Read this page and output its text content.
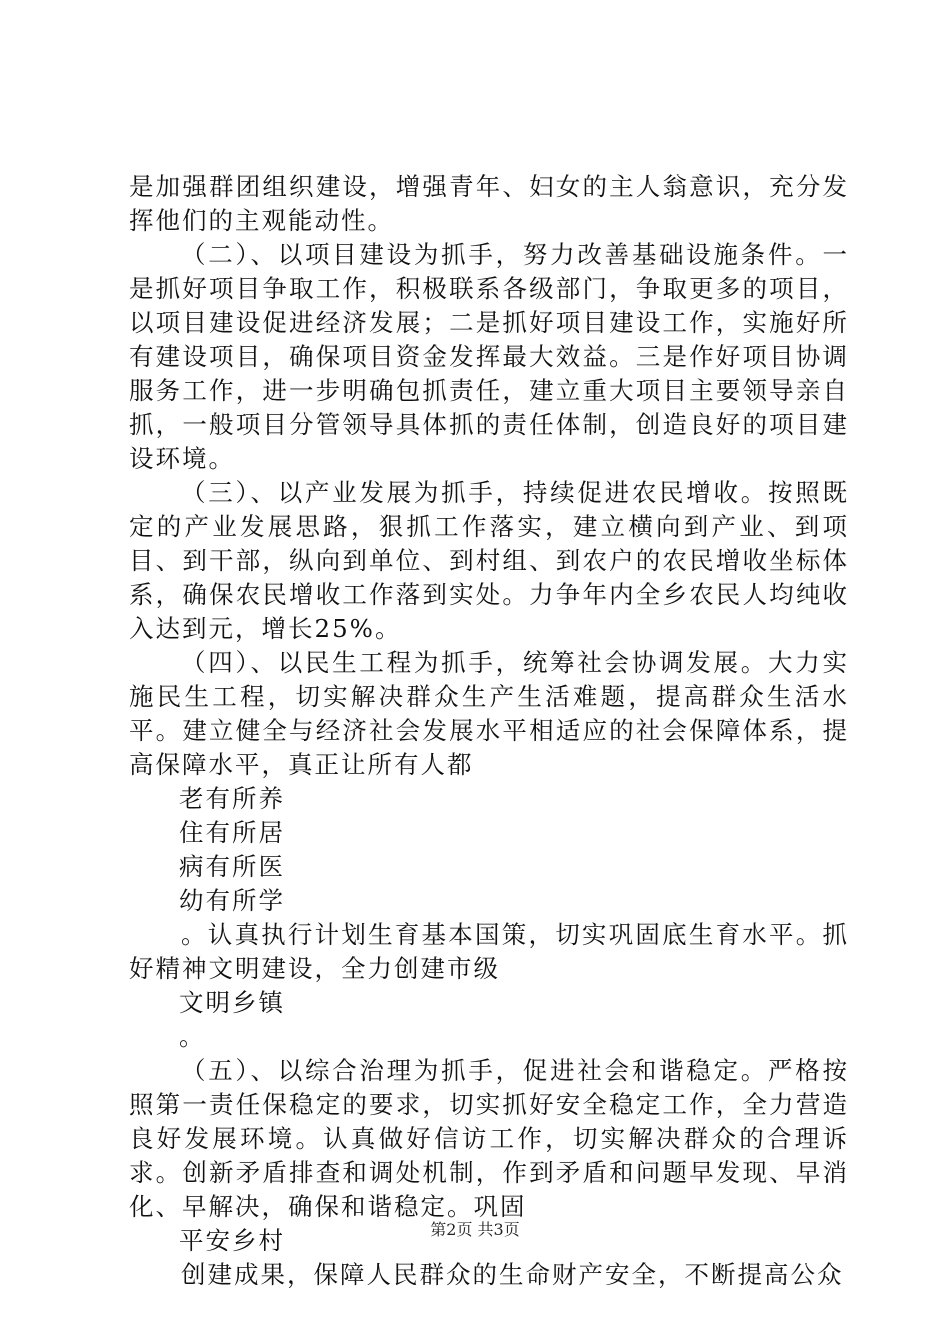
是加强群团组织建设，增强青年、妇女的主人翁意识，充分发挥他们的主观能动性。

（二）、以项目建设为抓手，努力改善基础设施条件。一是抓好项目争取工作，积极联系各级部门，争取更多的项目，以项目建设促进经济发展；二是抓好项目建设工作，实施好所有建设项目，确保项目资金发挥最大效益。三是作好项目协调服务工作，进一步明确包抓责任，建立重大项目主要领导亲自抓，一般项目分管领导具体抓的责任体制，创造良好的项目建设环境。

（三）、以产业发展为抓手，持续促进农民增收。按照既定的产业发展思路，狠抓工作落实，建立横向到产业、到项目、到干部，纵向到单位、到村组、到农户的农民增收坐标体系，确保农民增收工作落到实处。力争年内全乡农民人均纯收入达到元，增长25%。

（四）、以民生工程为抓手，统筹社会协调发展。大力实施民生工程，切实解决群众生产生活难题，提高群众生活水平。建立健全与经济社会发展水平相适应的社会保障体系，提高保障水平，真正让所有人都

老有所养

住有所居

病有所医

幼有所学

。认真执行计划生育基本国策，切实巩固底生育水平。抓好精神文明建设，全力创建市级

文明乡镇

。

（五）、以综合治理为抓手，促进社会和谐稳定。严格按照第一责任保稳定的要求，切实抓好安全稳定工作，全力营造良好发展环境。认真做好信访工作，切实解决群众的合理诉求。创新矛盾排查和调处机制，作到矛盾和问题早发现、早消化、早解决，确保和谐稳定。巩固

平安乡村

创建成果，保障人民群众的生命财产安全，不断提高公众

第2页 共3页
